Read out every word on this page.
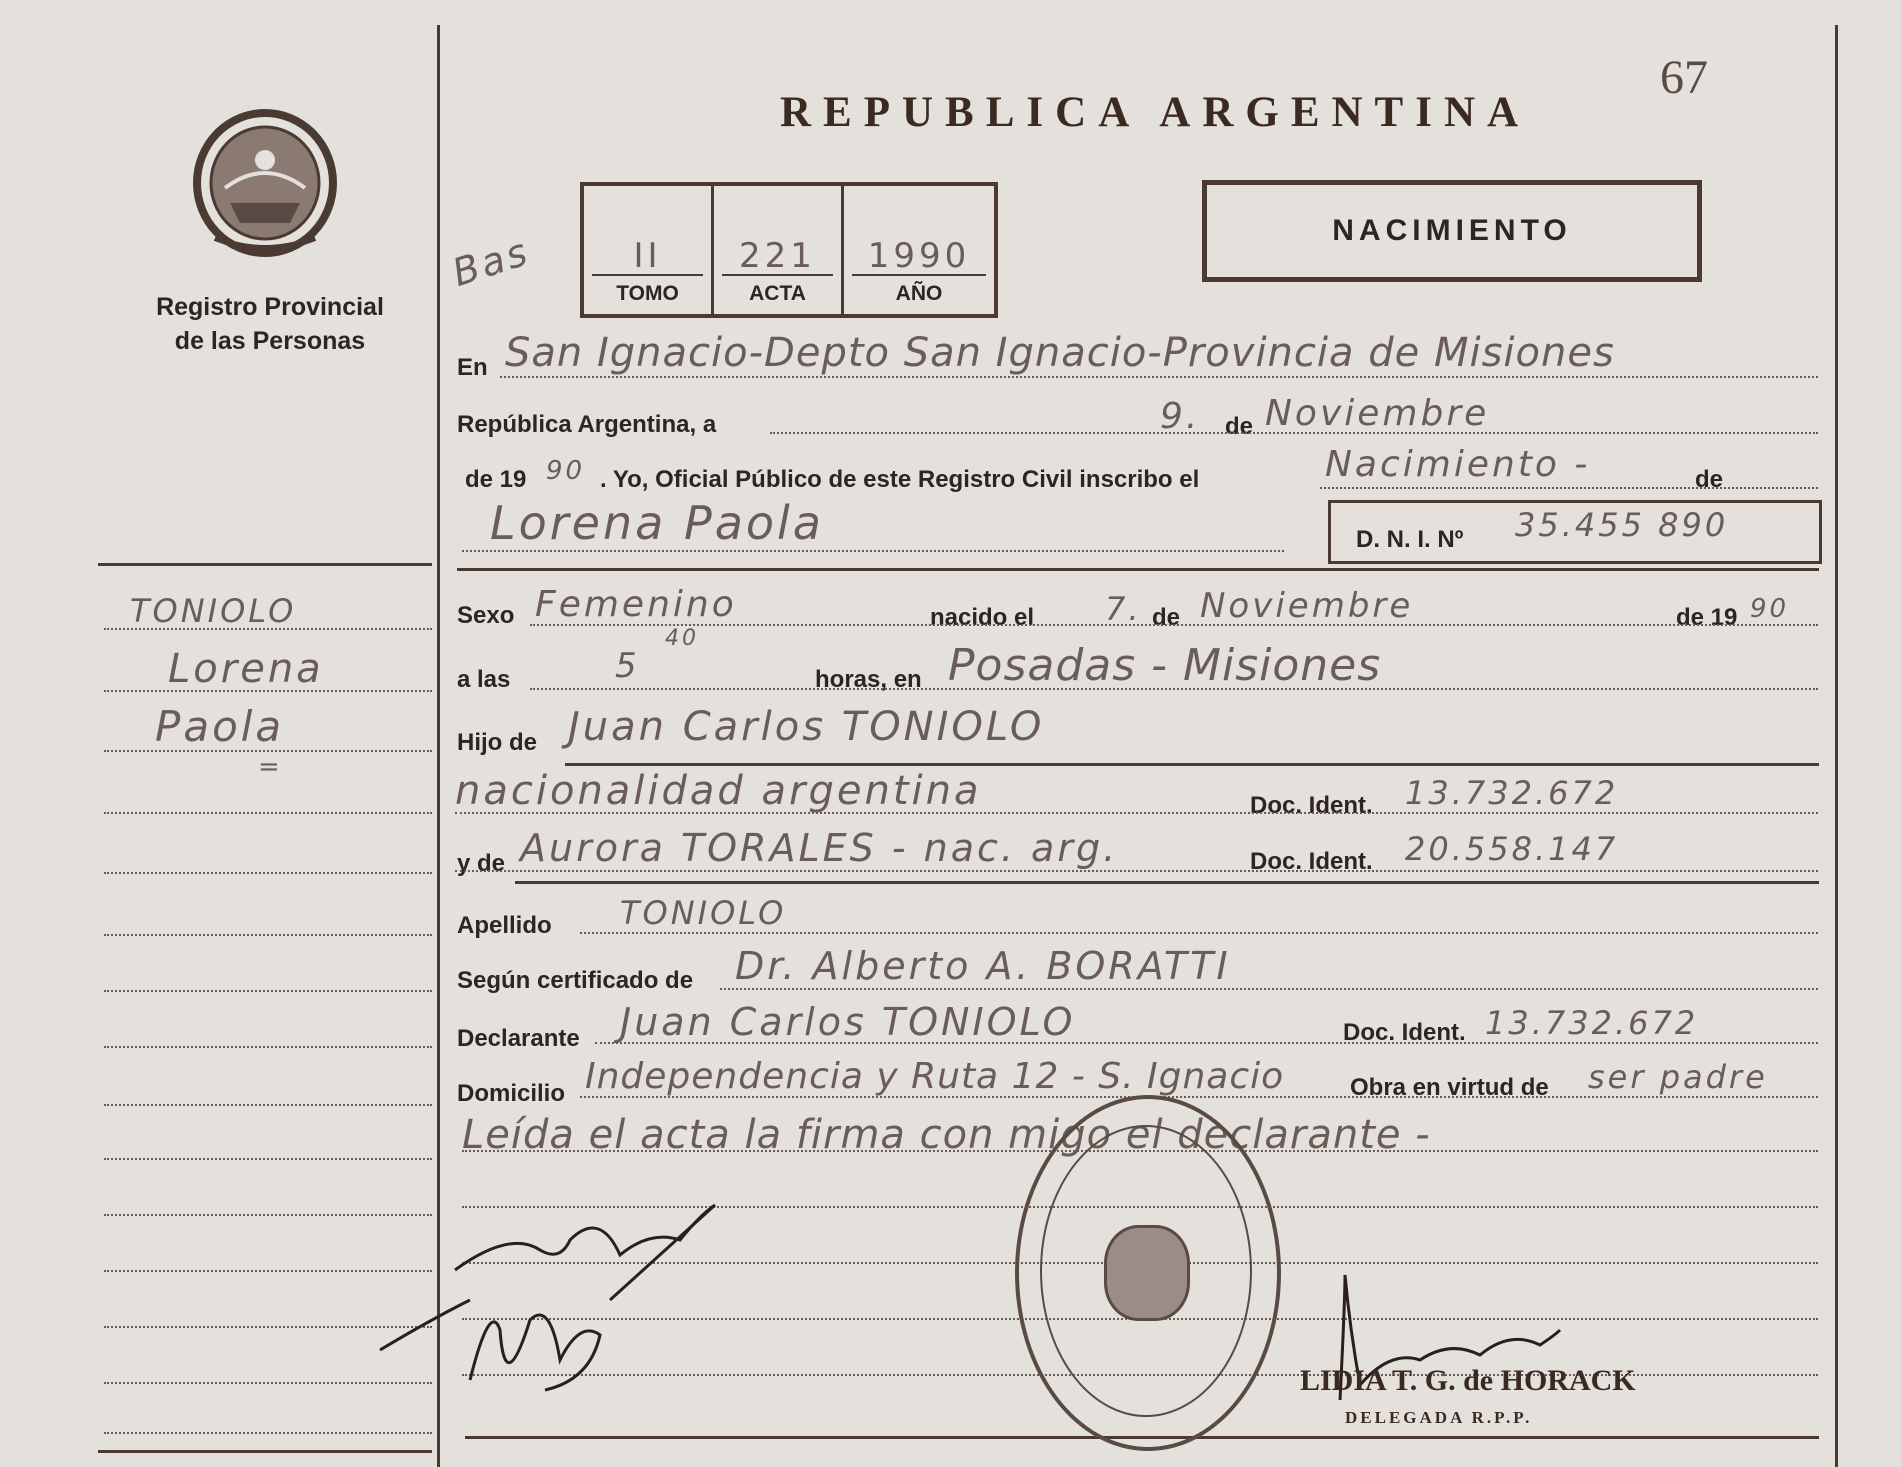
67
REPUBLICA ARGENTINA
Registro Provincial
de las Personas
Bas	II
TOMO
221
ACTA
1990
AÑO
NACIMIENTO
TONIOLO
Lorena
Paola
=
En San Ignacio-Depto San Ignacio-Provincia de Misiones
República Argentina, a	9. de Noviembre
de 19 90 . Yo, Oficial Público de este Registro Civil inscribo el	Nacimiento -	de
Lorena Paola	D. N. I. Nº 35.455 890
Sexo Femenino	nacido el 7. de Noviembre	de 19 90
a las	5
40
horas, en Posadas - Misiones
Hijo de Juan Carlos TONIOLO
nacionalidad argentina	Doc. Ident. 13.732.672
y de Aurora TORALES - nac. arg.	Doc. Ident. 20.558.147
Apellido TONIOLO
Según certificado de Dr. Alberto A. BORATTI
Declarante Juan Carlos TONIOLO	Doc. Ident. 13.732.672
Domicilio Independencia y Ruta 12 - S. Ignacio	Obra en virtud de ser padre
Leída el acta la firma con migo el declarante -
LIDIA T. G. de HORACK
DELEGADA R.P.P.
